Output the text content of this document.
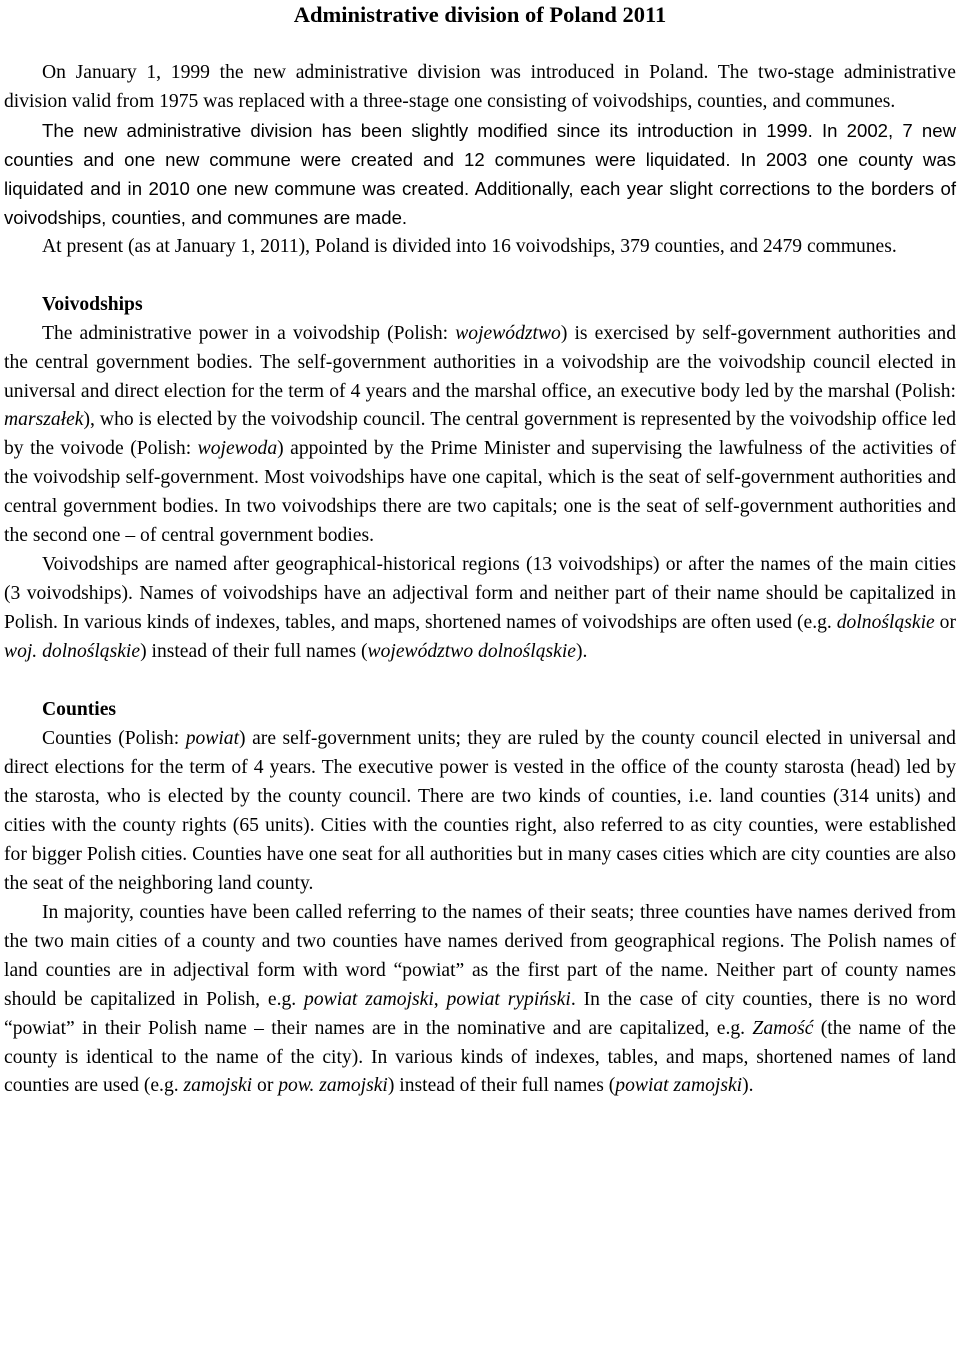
Administrative division of Poland 2011

On January 1, 1999 the new administrative division was introduced in Poland. The two-stage administrative division valid from 1975 was replaced with a three-stage one consisting of voivodships, counties, and communes.

The new administrative division has been slightly modified since its introduction in 1999. In 2002, 7 new counties and one new commune were created and 12 communes were liquidated. In 2003 one county was liquidated and in 2010 one new commune was created. Additionally, each year slight corrections to the borders of voivodships, counties, and communes are made.

At present (as at January 1, 2011), Poland is divided into 16 voivodships, 379 counties, and 2479 communes.

Voivodships

The administrative power in a voivodship (Polish: województwo) is exercised by self-government authorities and the central government bodies. The self-government authorities in a voivodship are the voivodship council elected in universal and direct election for the term of 4 years and the marshal office, an executive body led by the marshal (Polish: marszałek), who is elected by the voivodship council. The central government is represented by the voivodship office led by the voivode (Polish: wojewoda) appointed by the Prime Minister and supervising the lawfulness of the activities of the voivodship self-government. Most voivodships have one capital, which is the seat of self-government authorities and central government bodies. In two voivodships there are two capitals; one is the seat of self-government authorities and the second one – of central government bodies.

Voivodships are named after geographical-historical regions (13 voivodships) or after the names of the main cities (3 voivodships). Names of voivodships have an adjectival form and neither part of their name should be capitalized in Polish. In various kinds of indexes, tables, and maps, shortened names of voivodships are often used (e.g. dolnośląskie or woj. dolnośląskie) instead of their full names (województwo dolnośląskie).

Counties

Counties (Polish: powiat) are self-government units; they are ruled by the county council elected in universal and direct elections for the term of 4 years. The executive power is vested in the office of the county starosta (head) led by the starosta, who is elected by the county council. There are two kinds of counties, i.e. land counties (314 units) and cities with the county rights (65 units). Cities with the counties right, also referred to as city counties, were established for bigger Polish cities. Counties have one seat for all authorities but in many cases cities which are city counties are also the seat of the neighboring land county.

In majority, counties have been called referring to the names of their seats; three counties have names derived from the two main cities of a county and two counties have names derived from geographical regions. The Polish names of land counties are in adjectival form with word “powiat” as the first part of the name. Neither part of county names should be capitalized in Polish, e.g. powiat zamojski, powiat rypiński. In the case of city counties, there is no word “powiat” in their Polish name – their names are in the nominative and are capitalized, e.g. Zamość (the name of the county is identical to the name of the city). In various kinds of indexes, tables, and maps, shortened names of land counties are used (e.g. zamojski or pow. zamojski) instead of their full names (powiat zamojski).
